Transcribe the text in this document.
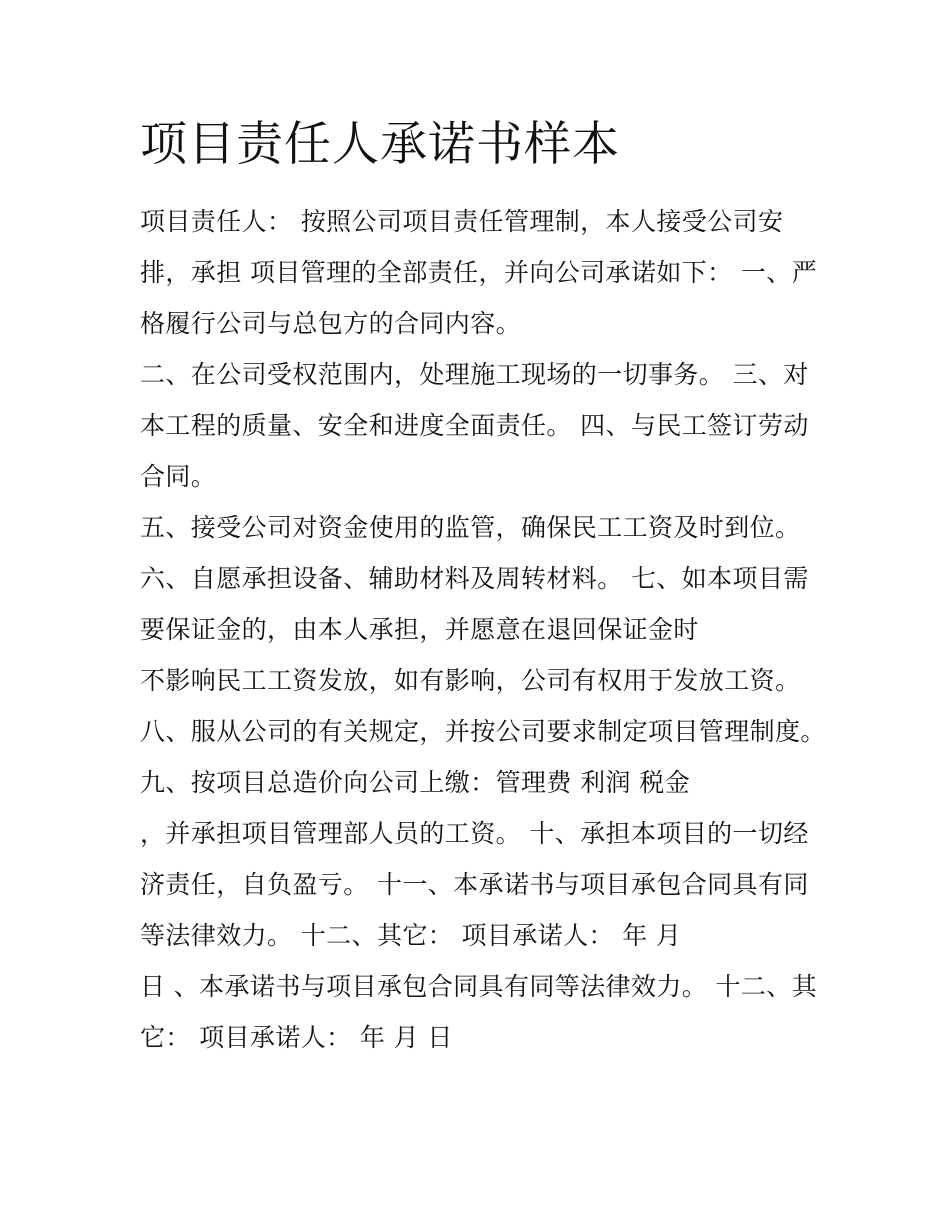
项目责任人承诺书样本
项目责任人： 按照公司项目责任管理制，本人接受公司安
排，承担 项目管理的全部责任，并向公司承诺如下： 一、严
格履行公司与总包方的合同内容。
二、在公司受权范围内，处理施工现场的一切事务。 三、对
本工程的质量、安全和进度全面责任。 四、与民工签订劳动
合同。
五、接受公司对资金使用的监管，确保民工工资及时到位。
六、自愿承担设备、辅助材料及周转材料。 七、如本项目需
要保证金的，由本人承担，并愿意在退回保证金时
不影响民工工资发放，如有影响，公司有权用于发放工资。
八、服从公司的有关规定，并按公司要求制定项目管理制度。
九、按项目总造价向公司上缴：管理费 利润 税金
，并承担项目管理部人员的工资。 十、承担本项目的一切经
济责任，自负盈亏。 十一、本承诺书与项目承包合同具有同
等法律效力。 十二、其它： 项目承诺人： 年 月
日 、本承诺书与项目承包合同具有同等法律效力。 十二、其
它： 项目承诺人： 年 月 日
